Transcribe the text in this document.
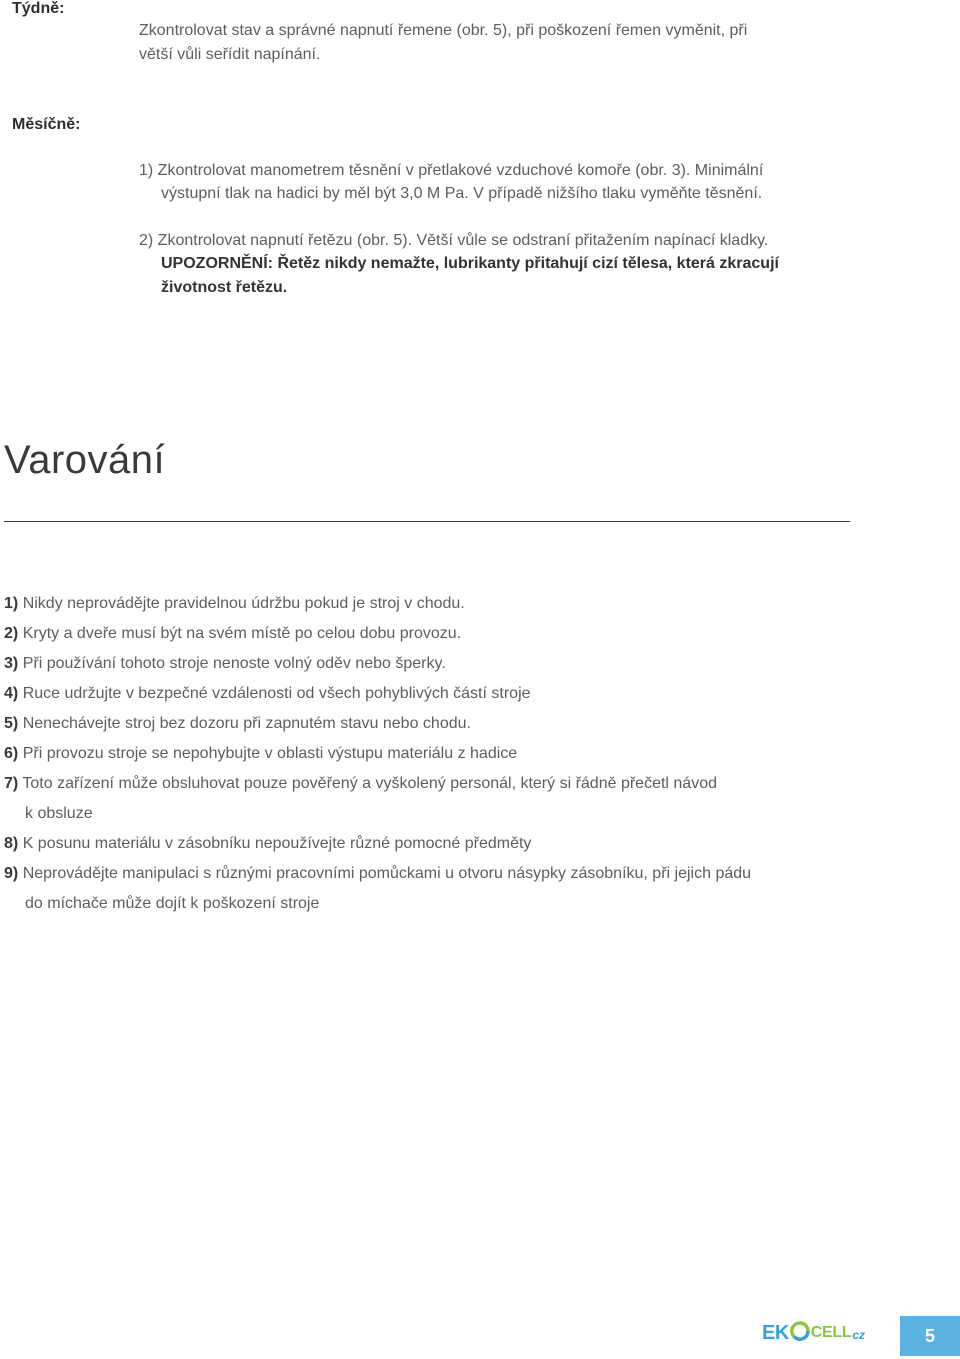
Týdně:
Zkontrolovat stav a správné napnutí řemene (obr. 5), při poškození řemen vyměnit, při
větší vůli seřídit napínání.
Měsíčně:
1) Zkontrolovat manometrem těsnění v přetlakové vzduchové komoře (obr. 3). Minimální
výstupní tlak na hadici by měl být 3,0 M Pa. V případě nižšího tlaku vyměňte těsnění.
2) Zkontrolovat napnutí řetězu (obr. 5). Větší vůle se odstraní přitažením napínací kladky.
UPOZORNĚNÍ: Řetěz nikdy nemažte, lubrikanty přitahují cizí tělesa, která zkracují
životnost řetězu.
Varování
1) Nikdy neprovádějte pravidelnou údržbu pokud je stroj v chodu.
2) Kryty a dveře musí být na svém místě po celou dobu provozu.
3) Při používání tohoto stroje nenoste volný oděv nebo šperky.
4) Ruce udržujte v bezpečné vzdálenosti od všech pohyblivých částí stroje
5) Nenechávejte stroj bez dozoru při zapnutém stavu nebo chodu.
6) Při provozu stroje se nepohybujte v oblasti výstupu materiálu z hadice
7) Toto zařízení může obsluhovat pouze pověřený a vyškolený personál, který si řádně přečetl návod
k obsluze
8) K posunu materiálu v zásobníku nepoužívejte různé pomocné předměty
9) Neprovádějte manipulaci s různými pracovními pomůckami u otvoru násypky zásobníku, při jejich pádu
do míchače může dojít k poškození stroje
EK CELL cz	5
